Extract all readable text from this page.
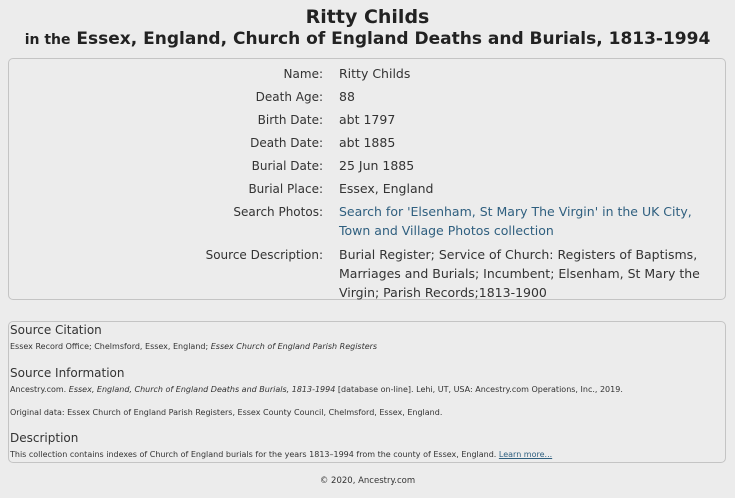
Ritty Childs
in the Essex, England, Church of England Deaths and Burials, 1813-1994
Name: Ritty Childs
Death Age: 88
Birth Date: abt 1797
Death Date: abt 1885
Burial Date: 25 Jun 1885
Burial Place: Essex, England
Search Photos: Search for 'Elsenham, St Mary The Virgin' in the UK City, Town and Village Photos collection
Source Description: Burial Register; Service of Church: Registers of Baptisms, Marriages and Burials; Incumbent; Elsenham, St Mary the Virgin; Parish Records;1813-1900
Source Citation
Essex Record Office; Chelmsford, Essex, England; Essex Church of England Parish Registers
Source Information
Ancestry.com. Essex, England, Church of England Deaths and Burials, 1813-1994 [database on-line]. Lehi, UT, USA: Ancestry.com Operations, Inc., 2019.
Original data: Essex Church of England Parish Registers, Essex County Council, Chelmsford, Essex, England.
Description
This collection contains indexes of Church of England burials for the years 1813–1994 from the county of Essex, England. Learn more...
© 2020, Ancestry.com
